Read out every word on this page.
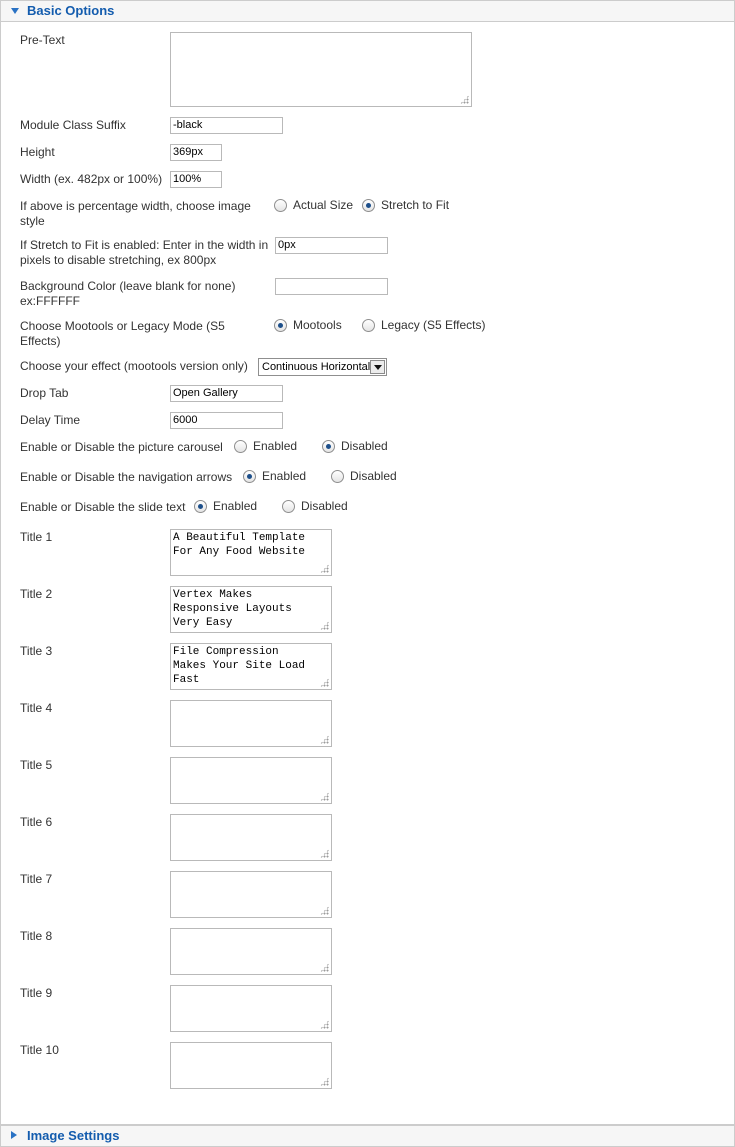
Basic Options
Pre-Text
Module Class Suffix	-black
Height	369px
Width (ex. 482px or 100%) 100%
If above is percentage width, choose image style
Actual Size Stretch to Fit
If Stretch to Fit is enabled: Enter in the width in pixels to disable stretching, ex 800px
0px
Background Color (leave blank for none) ex:FFFFFF
Choose Mootools or Legacy Mode (S5 Effects)
Mootools	Legacy (S5 Effects)
Choose your effect (mootools version only)	Continuous Horizontal
Drop Tab	Open Gallery
Delay Time	6000
Enable or Disable the picture carousel	Enabled	Disabled
Enable or Disable the navigation arrows Enabled	Disabled
Enable or Disable the slide text Enabled	Disabled
Title 1	A Beautiful Template
For Any Food Website
Title 2	Vertex Makes
Responsive Layouts
Very Easy
Title 3	File Compression
Makes Your Site Load
Fast
Title 4
Title 5
Title 6
Title 7
Title 8
Title 9
Title 10
Image Settings
